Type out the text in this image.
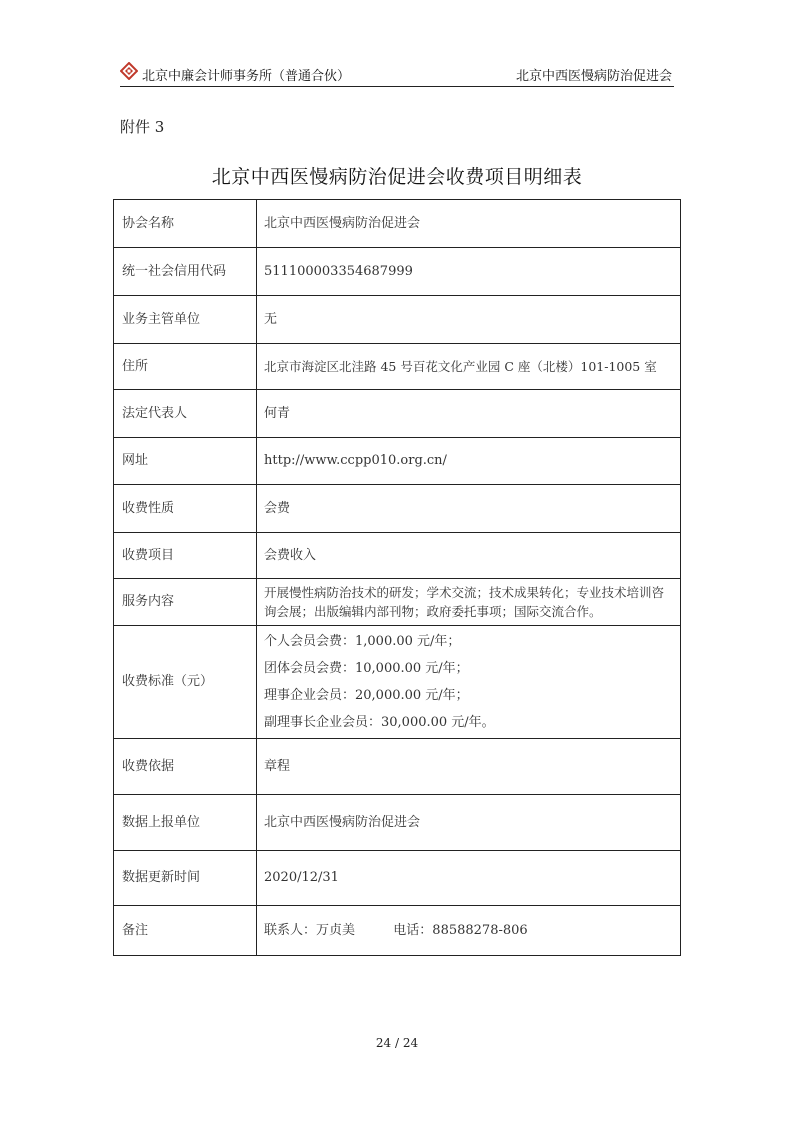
北京中廉会计师事务所（普通合伙）	北京中西医慢病防治促进会
附件 3
北京中西医慢病防治促进会收费项目明细表
协会名称	北京中西医慢病防治促进会
统一社会信用代码	511100003354687999
业务主管单位	无
住所	北京市海淀区北洼路 45 号百花文化产业园 C 座（北楼）101-1005 室
法定代表人	何青
网址	http://www.ccpp010.org.cn/
收费性质	会费
收费项目	会费收入
服务内容	开展慢性病防治技术的研发；学术交流；技术成果转化；专业技术培训咨询会展；出版编辑内部刊物；政府委托事项；国际交流合作。
收费标准（元）	个人会员会费：1,000.00 元/年；
团体会员会费：10,000.00 元/年；
理事企业会员：20,000.00 元/年；
副理事长企业会员：30,000.00 元/年。

收费依据	章程
数据上报单位	北京中西医慢病防治促进会
数据更新时间	2020/12/31
备注	联系人：万贞美 电话：88588278-806
24 / 24
